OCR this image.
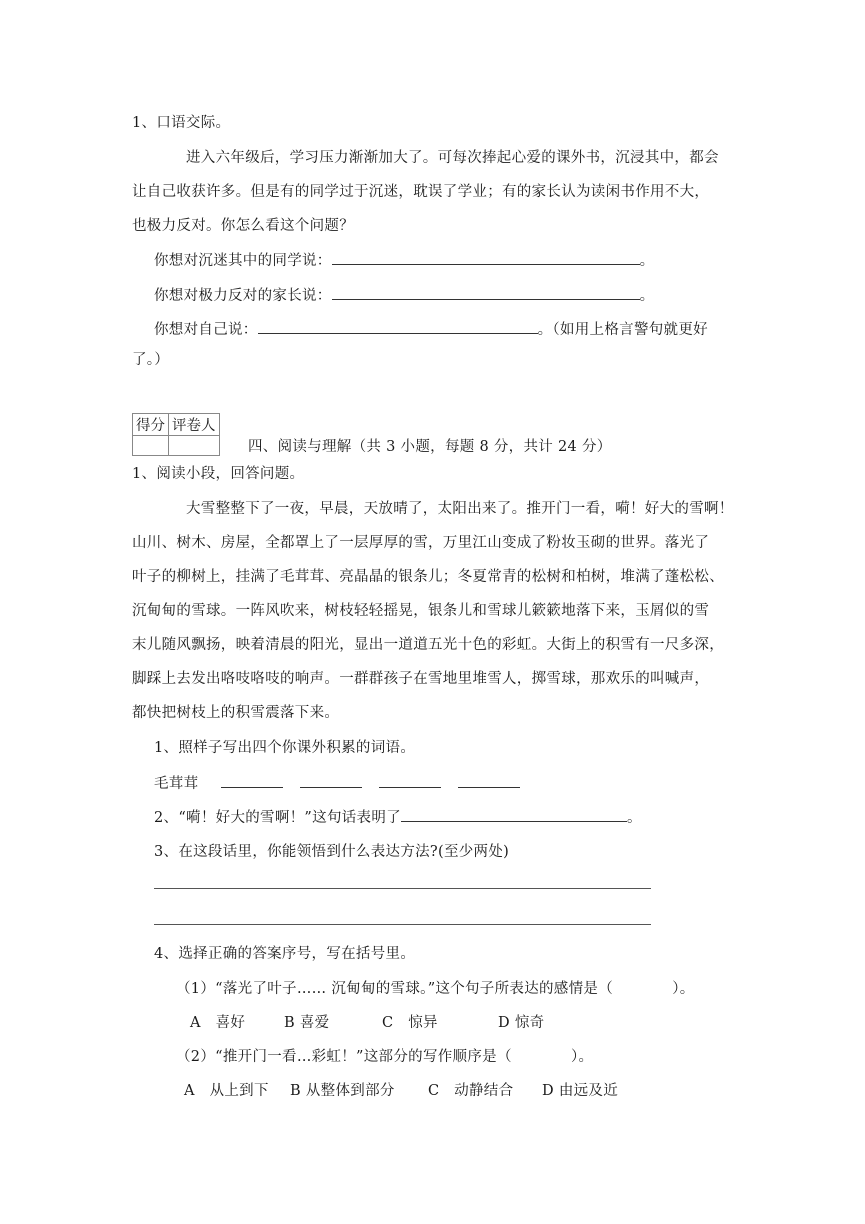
1、口语交际。
进入六年级后，学习压力渐渐加大了。可每次捧起心爱的课外书，沉浸其中，都会
让自己收获许多。但是有的同学过于沉迷，耽误了学业；有的家长认为读闲书作用不大，
也极力反对。你怎么看这个问题？
你想对沉迷其中的同学说：	。
你想对极力反对的家长说：	。
你想对自己说：	。（如用上格言警句就更好
了。）
得分	评卷人

四、阅读与理解（共 3 小题，每题 8 分，共计 24 分）
1、阅读小段，回答问题。
大雪整整下了一夜，早晨，天放晴了，太阳出来了。推开门一看，嗬！好大的雪啊！
山川、树木、房屋，全都罩上了一层厚厚的雪，万里江山变成了粉妆玉砌的世界。落光了
叶子的柳树上，挂满了毛茸茸、亮晶晶的银条儿；冬夏常青的松树和柏树，堆满了蓬松松、
沉甸甸的雪球。一阵风吹来，树枝轻轻摇晃，银条儿和雪球儿簌簌地落下来，玉屑似的雪
末儿随风飘扬，映着清晨的阳光，显出一道道五光十色的彩虹。大街上的积雪有一尺多深，
脚踩上去发出咯吱咯吱的响声。一群群孩子在雪地里堆雪人，掷雪球，那欢乐的叫喊声，
都快把树枝上的积雪震落下来。
1、照样子写出四个你课外积累的词语。
毛茸茸
2、“嗬！好大的雪啊！”这句话表明了	。
3、在这段话里，你能领悟到什么表达方法?(至少两处)
4、选择正确的答案序号，写在括号里。
（1）“落光了叶子…… 沉甸甸的雪球。”这个句子所表达的感情是（　　　　）。
A　喜好	B 喜爱	C　惊异	D 惊奇
（2）“推开门一看…彩虹！”这部分的写作顺序是（　　　　）。
A　从上到下 B 从整体到部分 C　动静结合 D 由远及近
